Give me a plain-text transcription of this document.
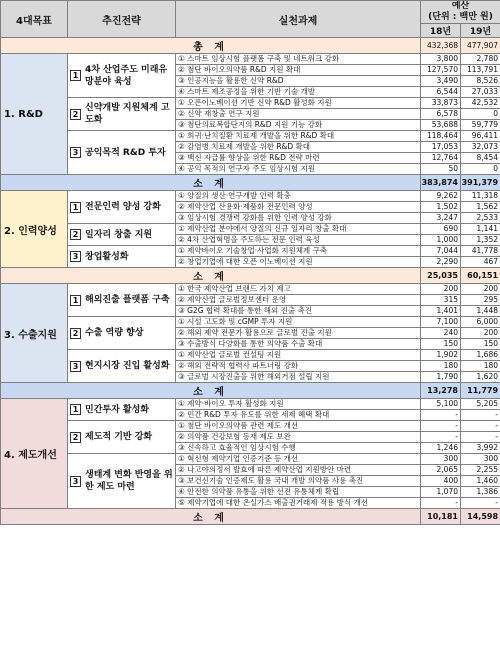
4대목표	추진전략	실천과제	예산
(단위 : 백만 원)	

			18년	19년
총 계			432,368	477,907
1. R&D	14차 산업주도 미래유망분야 육성	① 스마트 임상시험 플랫폼 구축 및 네트워크 강화	3,800	2,780
		② 첨단 바이오의약품 R&D 지원 확대	127,570	113,791
		③ 인공지능을 활용한 신약 R&D	3,490	8,526
		④ 스마트 제조공정을 위한 기반 기술 개발	6,544	27,033
	2신약개발 지원체계 고도화	① 오픈이노베이션 기반 신약 R&D 활성화 지원	33,873	42,532
		② 신약 재창출 연구 지원	6,578	0
		③ 첨단의료복합단지의 R&D 지원 기능 강화	53,688	59,779
	3 공익목적 R&D 투자	① 희귀·난치질환 치료제 개발을 위한 R&D 확대	118,464	96,411
		② 감염병 치료제 개발을 위한 R&D 확대	17,053	32,073
		③ 백신 자급률 향상을 위한 R&D 전략 마련	12,764	8,454
		④ 공익 목적의 연구자 주도 임상시험 지원	50	0
소 계			383,874	391,379
2. 인력양성	1 전문인력 양성 강화	① 양질의 생산·연구개발 인력 확충	9,262	11,318
		② 제약산업 산용화·제품화 전문인력 양성	1,502	1,562
		③ 임상시험 경쟁력 강화를 위한 인력 양성 강화	3,247	2,533
	2 일자리 창출 지원	① 제약산업 분야에서 양질의 신규 일자리 창출 확대	690	1,141
		② 4차 산업혁명을 주도하는 전문 인력 육성	1,000	1,352
	3 창업활성화	① 제약바이오 기술창업·사업화 지원체계 구축	7,044	41,778
		② 창업기업에 대한 오픈 이노베이션 지원	2,290	467
소 계			25,035	60,151
3. 수출지원	1 해외진출 플랫폼 구축	① 한국 제약산업 브랜드 가치 제고	200	200
		② 제약산업 글로벌정보센터 운영	315	295
		③ G2G 협력 확대를 통한 해외 진출 촉진	1,401	1,448
	2 수출 역량 향상	① 시설 고도화 및 cGMP 투자 지원	7,100	6,000
		② 해외 제약 전문가 활용으로 글로벌 진출 지원	240	200
		③ 수출방식 다양화를 통한 의약품 수출 확대	150	150
	3 현지시장 진입 활성화	① 제약산업 글로벌 컨설팅 지원	1,902	1,686
		② 해외 전략적 협력사 파트너링 강화	180	180
		③ 글로벌 시장진출을 위한 해외거점 설립 지원	1,790	1,620
소 계			13,278	11,779
4. 제도개선	1 민간투자 활성화	① 제약·바이오 투자 활성화 지원	5,100	5,205
		② 민간 R&D 투자 유도를 위한 세제 혜택 확대	-	-
	2 제도적 기반 강화	① 첨단 바이오의약품 관련 제도 개선	-	-
		② 의약품 건강보험 등재 제도 보완	-	-
		③ 신속하고 효율적인 임상시험 수행	1,246	3,992
	3생태계 변화 반영을 위한 제도 마련	① 혁신형 제약기업 인증기준 등 개선	300	300
		② 나고야의정서 발효에 따른 제약산업 지원방안 마련	2,065	2,255
		③ 보건신기술 인증제도 활용 국내 개발 의약품 사용 촉진	400	1,460
		④ 안전한 의약품 유통을 위한 선진 유통체계 확립	1,070	1,386
		⑤ 제약기업에 대한 온실가스 배출권거래제 적용 방식 개선	-	-
소 계			10,181	14,598
